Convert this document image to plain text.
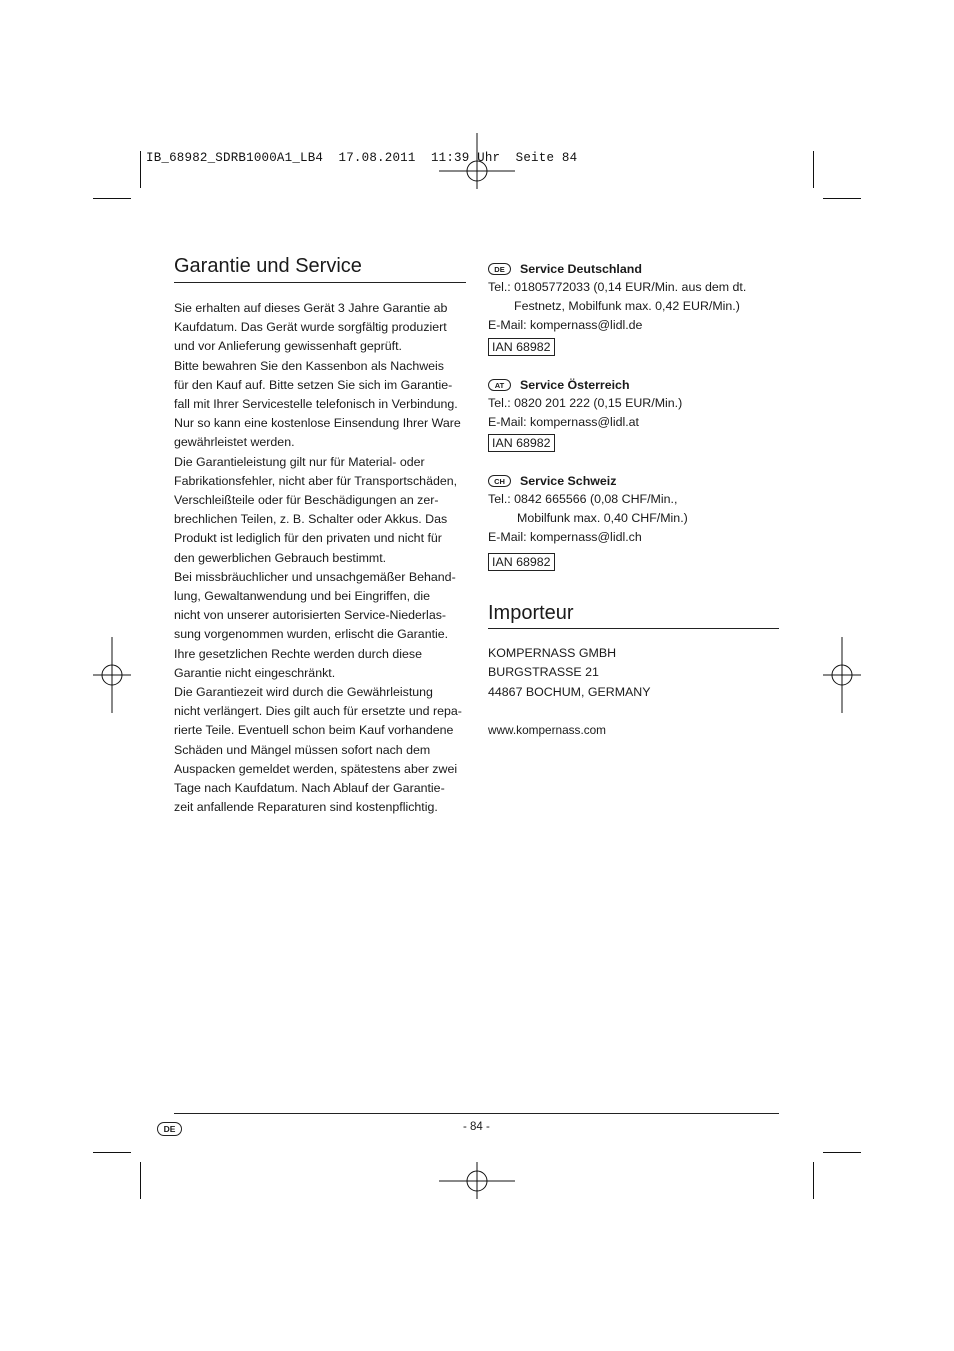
IB_68982_SDRB1000A1_LB4  17.08.2011  11:39 Uhr  Seite 84
Garantie und Service
Sie erhalten auf dieses Gerät 3 Jahre Garantie ab
Kaufdatum. Das Gerät wurde sorgfältig produziert
und vor Anlieferung gewissenhaft geprüft.
Bitte bewahren Sie den Kassenbon als Nachweis
für den Kauf auf. Bitte setzen Sie sich im Garantie-
fall mit Ihrer Servicestelle telefonisch in Verbindung.
Nur so kann eine kostenlose Einsendung Ihrer Ware
gewährleistet werden.
Die Garantieleistung gilt nur für Material- oder
Fabrikationsfehler, nicht aber für Transportschäden,
Verschleißteile oder für Beschädigungen an zer-
brechlichen Teilen, z. B. Schalter oder Akkus. Das
Produkt ist lediglich für den privaten und nicht für
den gewerblichen Gebrauch bestimmt.
Bei missbräuchlicher und unsachgemäßer Behand-
lung, Gewaltanwendung und bei Eingriffen, die
nicht von unserer autorisierten Service-Niederlas-
sung vorgenommen wurden, erlischt die Garantie.
Ihre gesetzlichen Rechte werden durch diese
Garantie nicht eingeschränkt.
Die Garantiezeit wird durch die Gewährleistung
nicht verlängert. Dies gilt auch für ersetzte und repa-
rierte Teile. Eventuell schon beim Kauf vorhandene
Schäden und Mängel müssen sofort nach dem
Auspacken gemeldet werden, spätestens aber zwei
Tage nach Kaufdatum. Nach Ablauf der Garantie-
zeit anfallende Reparaturen sind kostenpflichtig.
DE	Service Deutschland
Tel.: 01805772033 (0,14 EUR/Min. aus dem dt.
Festnetz, Mobilfunk max. 0,42 EUR/Min.)
E-Mail: kompernass@lidl.de
IAN 68982
AT	Service Österreich
Tel.: 0820 201 222 (0,15 EUR/Min.)
E-Mail: kompernass@lidl.at
IAN 68982
CH	Service Schweiz
Tel.: 0842 665566 (0,08 CHF/Min.,
Mobilfunk max. 0,40 CHF/Min.)
E-Mail: kompernass@lidl.ch
IAN 68982
Importeur
KOMPERNASS GMBH
BURGSTRASSE 21
44867 BOCHUM, GERMANY
www.kompernass.com
DE	- 84 -
